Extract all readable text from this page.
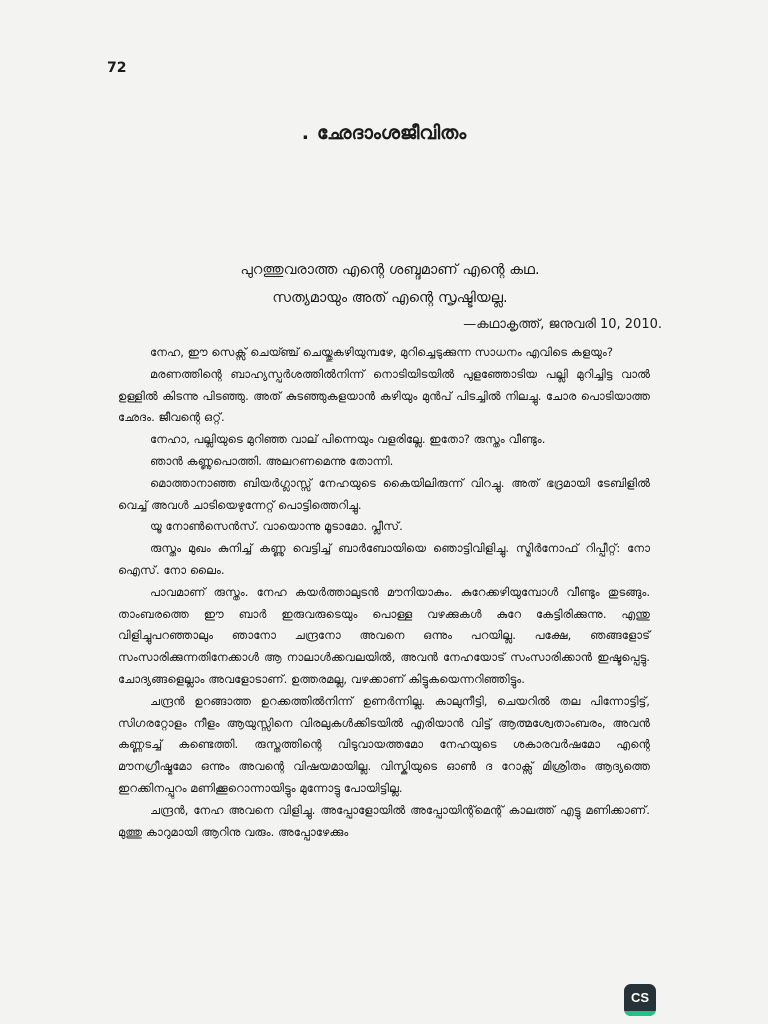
72
. ഛേദാംശജീവിതം
പുറത്തുവരാത്ത എന്റെ ശബ്ദമാണ് എന്റെ കഥ.
സത്യമായും അത് എന്റെ സൃഷ്ടിയല്ല.
—കഥാകൃത്ത്, ജനുവരി 10, 2010.

നേഹ, ഈ സെക്സ് ചെയ്ഞ്ച് ചെയ്തുകഴിയുമ്പഴേ, മുറിച്ചെടുക്കുന്ന സാധനം എവിടെ കളയും?

മരണത്തിന്റെ ബാഹ്യസ്പർശത്തിൽനിന്ന് നൊടിയിടയിൽ പുളഞ്ഞോടിയ പല്ലി മുറിച്ചിട്ട വാൽ ഉള്ളിൽ കിടന്നു പിടഞ്ഞു. അത് കുടഞ്ഞുകളയാൻ കഴിയും മുൻപ് പിടച്ചിൽ നിലച്ചു. ചോര പൊടിയാത്ത ഛേദം. ജീവന്റെ ഒറ്റ്.

നേഹാ, പല്ലിയുടെ മുറിഞ്ഞ വാല് പിന്നെയും വളരില്ലേ. ഇതോ? രുസ്തം വീണ്ടും.

ഞാൻ കണ്ണുപൊത്തി. അലറണമെന്നു തോന്നി.

മൊത്താനാഞ്ഞ ബിയർഗ്ലാസ്സ് നേഹയുടെ കൈയിലിരുന്ന് വിറച്ചു. അത് ഭദ്രമായി ടേബിളിൽ വെച്ച് അവൾ ചാടിയെഴുന്നേറ്റ് പൊട്ടിത്തെറിച്ചു.

യൂ നോൺസെൻസ്. വായൊന്നു മൂടാമോ. പ്ലീസ്.

രുസ്തം മുഖം കുനിച്ച് കണ്ണു വെട്ടിച്ച് ബാർബോയിയെ ഞൊട്ടിവിളിച്ചു. സ്മിർനോഫ് റിപ്പീറ്റ്: നോ ഐസ്. നോ ലൈം.

പാവമാണ് രുസ്തം. നേഹ കയർത്താലുടൻ മൗനിയാകും. കുറേക്കഴിയുമ്പോൾ വീണ്ടും തുടങ്ങും. താംബരത്തെ ഈ ബാർ ഇരുവരുടെയും പൊള്ള വഴക്കുകൾ കുറേ കേട്ടിരിക്കുന്നു. എന്തു വിളിച്ചുപറഞ്ഞാലും ഞാനോ ചന്ദ്രനോ അവനെ ഒന്നും പറയില്ല. പക്ഷേ, ഞങ്ങളോട് സംസാരിക്കുന്നതിനേക്കാൾ ആ നാലാൾക്കവലയിൽ, അവൻ നേഹയോട് സംസാരിക്കാൻ ഇഷ്ടപ്പെട്ടു. ചോദ്യങ്ങളെല്ലാം അവളോടാണ്. ഉത്തരമല്ല, വഴക്കാണ് കിട്ടുകയെന്നറിഞ്ഞിട്ടും.

ചന്ദ്രൻ ഉറങ്ങാത്ത ഉറക്കത്തിൽനിന്ന് ഉണർന്നില്ല. കാലുനീട്ടി, ചെയറിൽ തല പിന്നോട്ടിട്ട്, സിഗരറ്റോളം നീളം ആയുസ്സിനെ വിരലുകൾക്കിടയിൽ എരിയാൻ വിട്ട് ആത്മശ്വേതാംബരം, അവൻ കണ്ണടച്ച് കണ്ടെത്തി. രുസ്തത്തിന്റെ വിടുവായത്തമോ നേഹയുടെ ശകാരവർഷമോ എന്റെ മൗനഗ്രീഷ്മമോ ഒന്നും അവന്റെ വിഷയമായില്ല. വിസ്കിയുടെ ഓൺ ദ റോക്സ് മിശ്രിതം ആദ്യത്തെ ഇറക്കിനപ്പുറം മണിക്കൂറൊന്നായിട്ടും മുന്നോട്ടു പോയിട്ടില്ല.

ചന്ദ്രൻ, നേഹ അവനെ വിളിച്ചു. അപ്പോളോയിൽ അപ്പോയിന്റ്മെന്റ് കാലത്ത് എട്ടു മണിക്കാണ്. മുത്തു കാറുമായി ആറിനു വരും. അപ്പോഴേക്കും

CS
